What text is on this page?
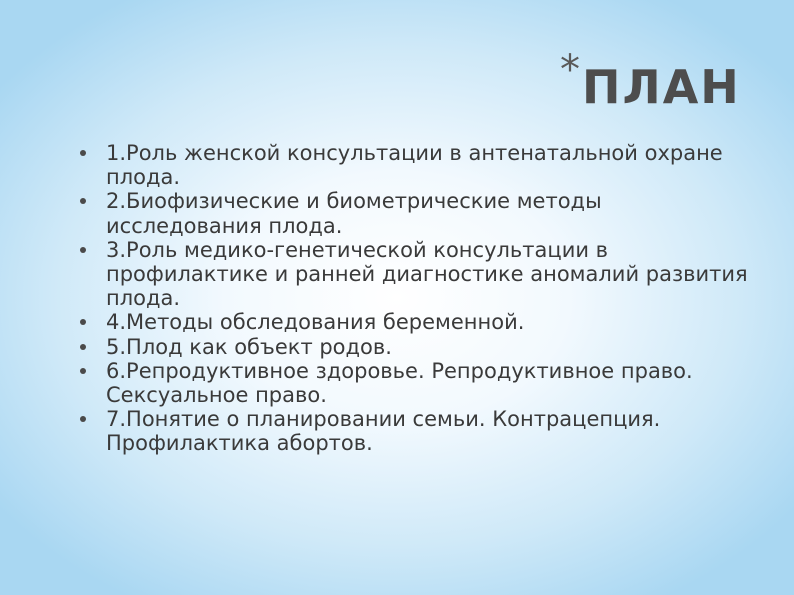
* ПЛАН
1.Роль женской консультации в антенатальной охране плода.
2.Биофизические и биометрические методы исследования плода.
3.Роль медико-генетической консультации в профилактике и ранней диагностике аномалий развития плода.
4.Методы обследования беременной.
5.Плод как объект родов.
6.Репродуктивное здоровье. Репродуктивное право. Сексуальное право.
7.Понятие о планировании семьи. Контрацепция. Профилактика абортов.
